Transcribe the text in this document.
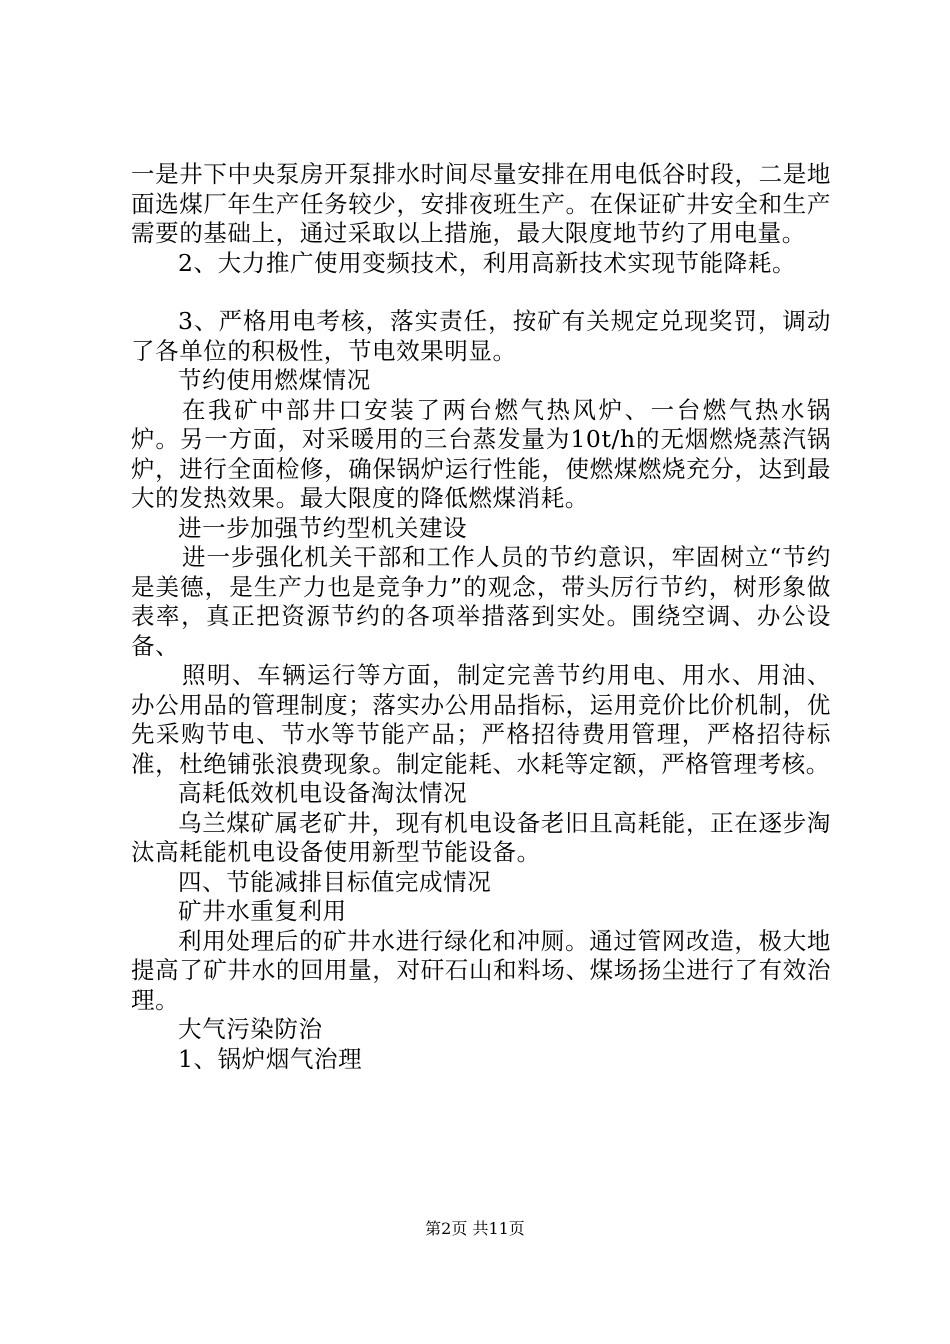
一是井下中央泵房开泵排水时间尽量安排在用电低谷时段，二是地面选煤厂年生产任务较少，安排夜班生产。在保证矿井安全和生产需要的基础上，通过采取以上措施，最大限度地节约了用电量。

2、大力推广使用变频技术，利用高新技术实现节能降耗。

3、严格用电考核，落实责任，按矿有关规定兑现奖罚，调动了各单位的积极性，节电效果明显。

节约使用燃煤情况

在我矿中部井口安装了两台燃气热风炉、一台燃气热水锅炉。另一方面，对采暖用的三台蒸发量为10t/h的无烟燃烧蒸汽锅炉，进行全面检修，确保锅炉运行性能，使燃煤燃烧充分，达到最大的发热效果。最大限度的降低燃煤消耗。

进一步加强节约型机关建设

进一步强化机关干部和工作人员的节约意识，牢固树立“节约是美德，是生产力也是竞争力”的观念，带头厉行节约，树形象做表率，真正把资源节约的各项举措落到实处。围绕空调、办公设备、

照明、车辆运行等方面，制定完善节约用电、用水、用油、办公用品的管理制度；落实办公用品指标，运用竞价比价机制，优先采购节电、节水等节能产品；严格招待费用管理，严格招待标准，杜绝铺张浪费现象。制定能耗、水耗等定额，严格管理考核。

高耗低效机电设备淘汰情况

乌兰煤矿属老矿井，现有机电设备老旧且高耗能，正在逐步淘汰高耗能机电设备使用新型节能设备。

四、节能减排目标值完成情况

矿井水重复利用

利用处理后的矿井水进行绿化和冲厕。通过管网改造，极大地提高了矿井水的回用量，对矸石山和料场、煤场扬尘进行了有效治理。

大气污染防治

1、锅炉烟气治理

第2页 共11页
